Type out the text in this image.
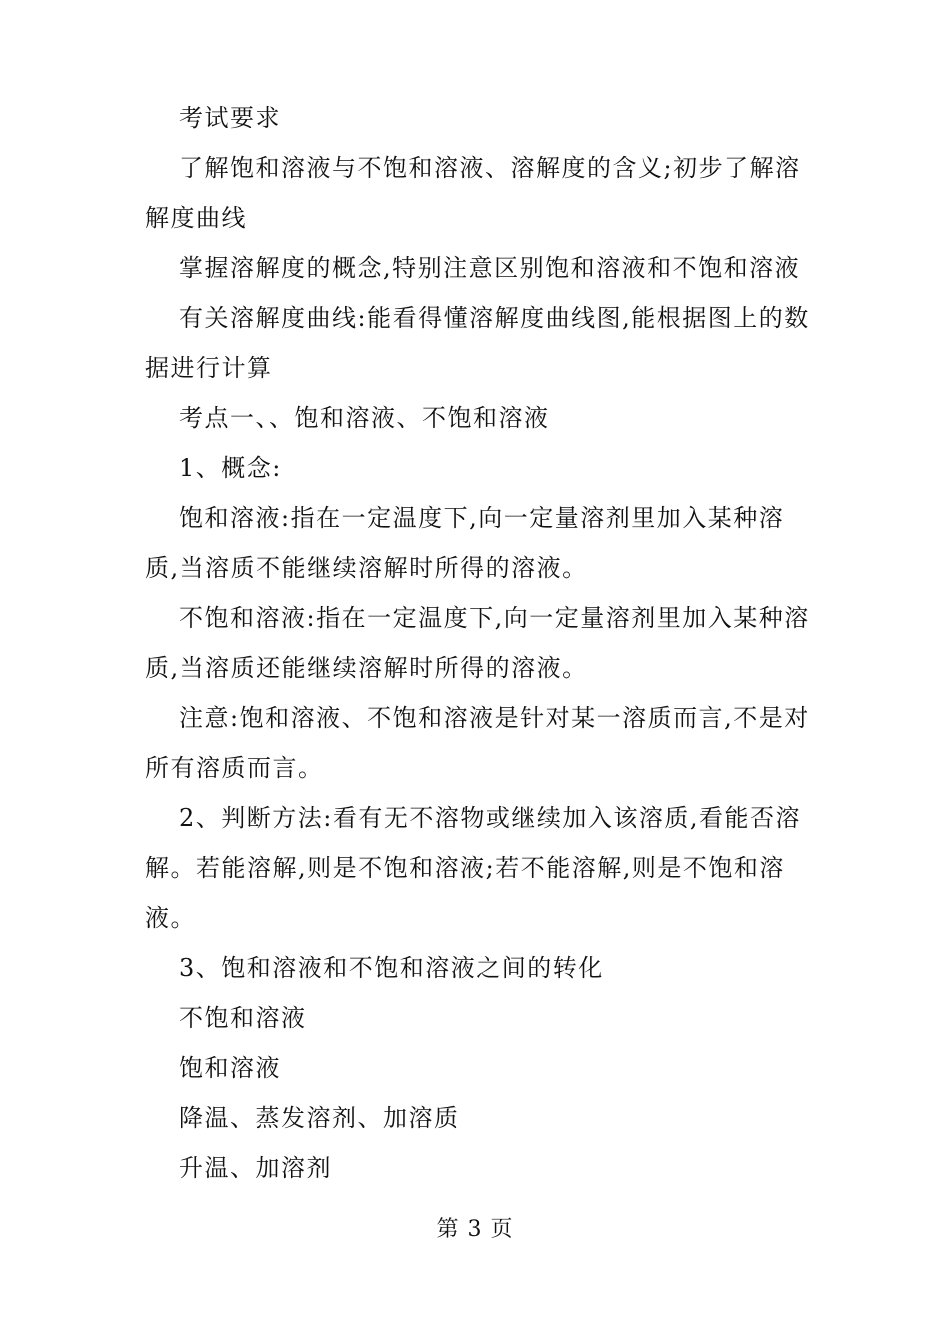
考试要求

了解饱和溶液与不饱和溶液、溶解度的含义;初步了解溶解度曲线

掌握溶解度的概念,特别注意区别饱和溶液和不饱和溶液

有关溶解度曲线:能看得懂溶解度曲线图,能根据图上的数据进行计算

考点一、、饱和溶液、不饱和溶液

1、概念:

饱和溶液:指在一定温度下,向一定量溶剂里加入某种溶质,当溶质不能继续溶解时所得的溶液。

不饱和溶液:指在一定温度下,向一定量溶剂里加入某种溶质,当溶质还能继续溶解时所得的溶液。

注意:饱和溶液、不饱和溶液是针对某一溶质而言,不是对所有溶质而言。

2、判断方法:看有无不溶物或继续加入该溶质,看能否溶解。若能溶解,则是不饱和溶液;若不能溶解,则是不饱和溶液。

3、饱和溶液和不饱和溶液之间的转化

不饱和溶液

饱和溶液

降温、蒸发溶剂、加溶质

升温、加溶剂

第 3 页
